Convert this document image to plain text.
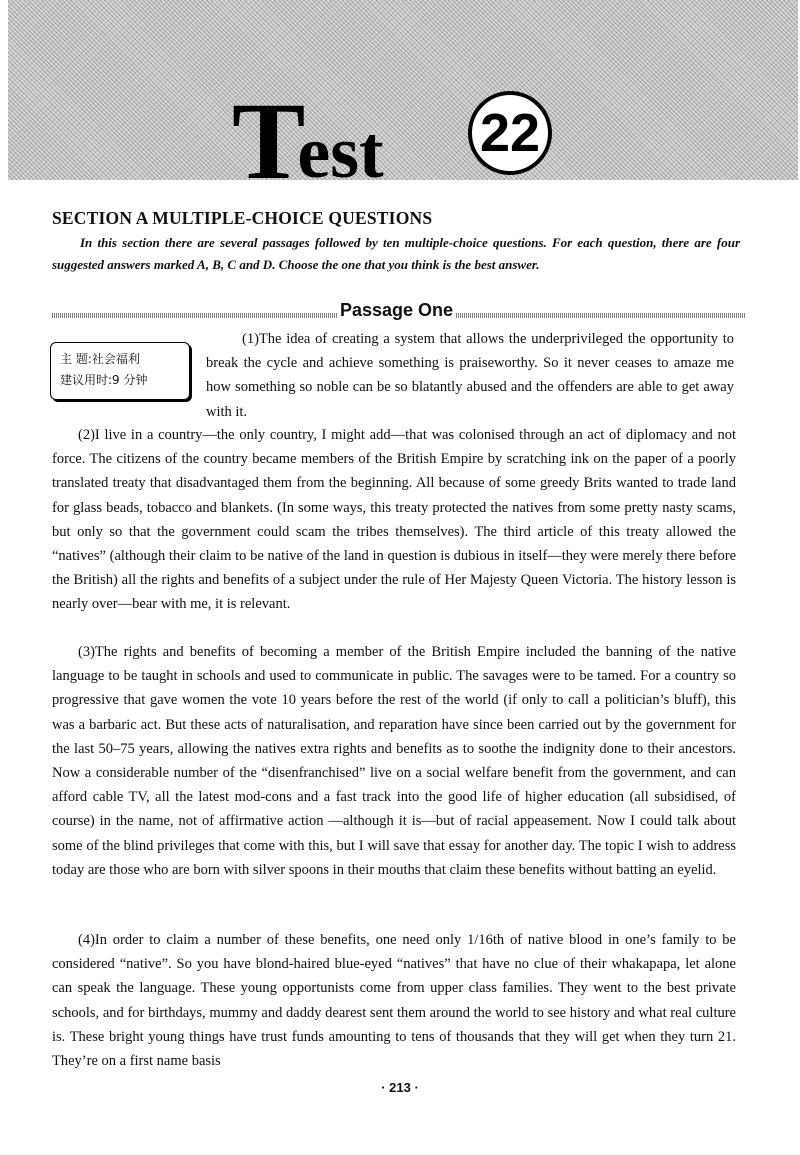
T
est 22
SECTION A MULTIPLE-CHOICE QUESTIONS
In this section there are several passages followed by ten multiple-choice questions. For each question, there are four suggested answers marked A, B, C and D. Choose the one that you think is the best answer.
Passage One
主 题:社会福利
建议用时:9 分钟
(1)The idea of creating a system that allows the underprivileged the opportunity to break the cycle and achieve something is praiseworthy. So it never ceases to amaze me how something so noble can be so blatantly abused and the offenders are able to get away with it.
(2)I live in a country—the only country, I might add—that was colonised through an act of diplomacy and not force. The citizens of the country became members of the British Empire by scratching ink on the paper of a poorly translated treaty that disadvantaged them from the beginning. All because of some greedy Brits wanted to trade land for glass beads, tobacco and blankets. (In some ways, this treaty protected the natives from some pretty nasty scams, but only so that the government could scam the tribes themselves). The third article of this treaty allowed the “natives” (although their claim to be native of the land in question is dubious in itself—they were merely there before the British) all the rights and benefits of a subject under the rule of Her Majesty Queen Victoria. The history lesson is nearly over—bear with me, it is relevant.
(3)The rights and benefits of becoming a member of the British Empire included the banning of the native language to be taught in schools and used to communicate in public. The savages were to be tamed. For a country so progressive that gave women the vote 10 years before the rest of the world (if only to call a politician’s bluff), this was a barbaric act. But these acts of naturalisation, and reparation have since been carried out by the government for the last 50–75 years, allowing the natives extra rights and benefits as to soothe the indignity done to their ancestors. Now a considerable number of the “disenfranchised” live on a social welfare benefit from the government, and can afford cable TV, all the latest mod-cons and a fast track into the good life of higher education (all subsidised, of course) in the name, not of affirmative action —although it is—but of racial appeasement. Now I could talk about some of the blind privileges that come with this, but I will save that essay for another day. The topic I wish to address today are those who are born with silver spoons in their mouths that claim these benefits without batting an eyelid.
(4)In order to claim a number of these benefits, one need only 1/16th of native blood in one’s family to be considered “native”. So you have blond-haired blue-eyed “natives” that have no clue of their whakapapa, let alone can speak the language. These young opportunists come from upper class families. They went to the best private schools, and for birthdays, mummy and daddy dearest sent them around the world to see history and what real culture is. These bright young things have trust funds amounting to tens of thousands that they will get when they turn 21. They’re on a first name basis
· 213 ·
